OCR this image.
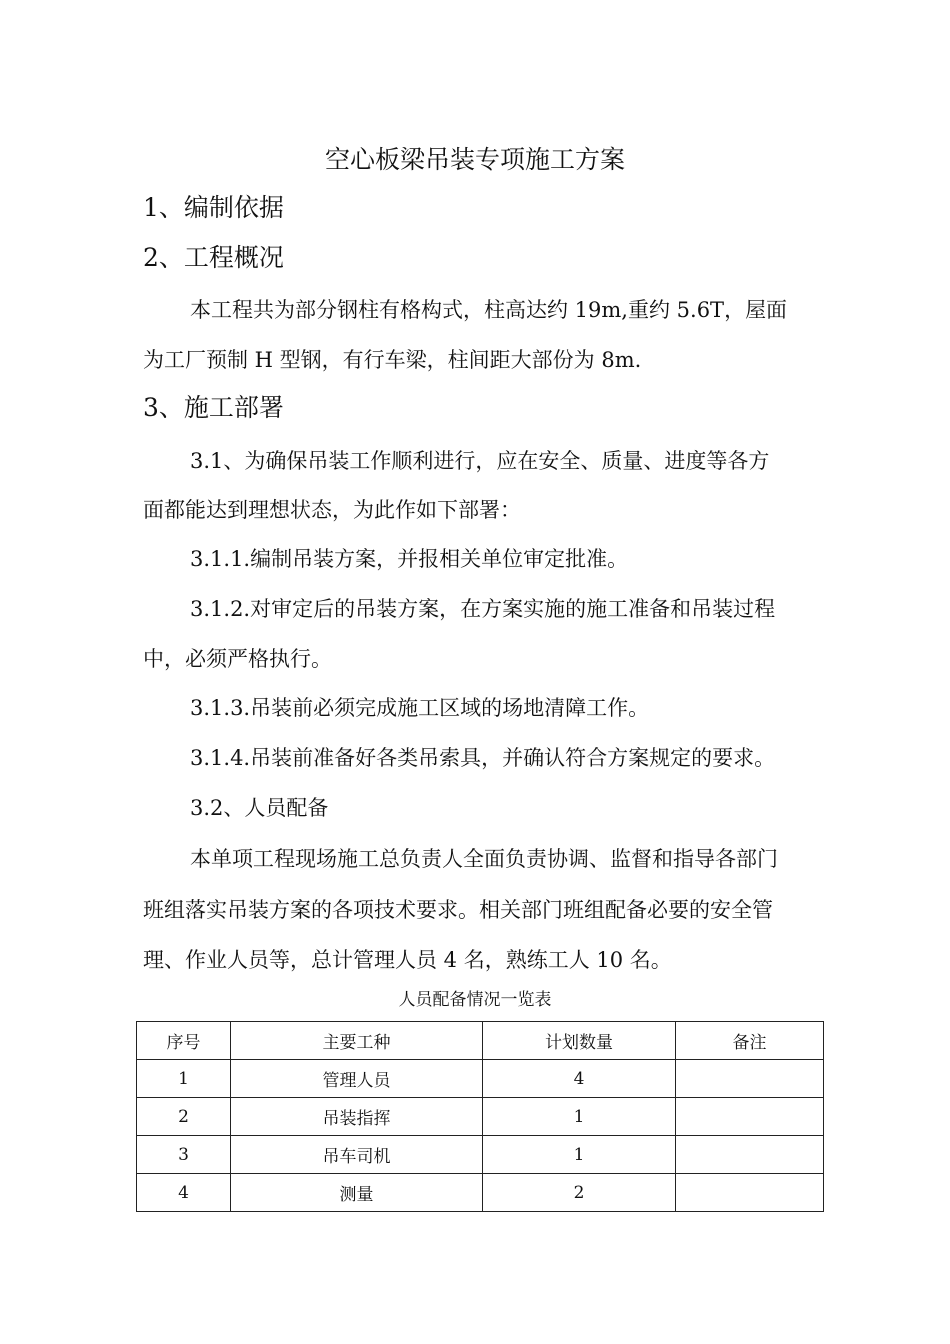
空心板梁吊装专项施工方案
1、编制依据
2、工程概况
本工程共为部分钢柱有格构式，柱高达约 19m,重约 5.6T，屋面
为工厂预制 H 型钢，有行车梁，柱间距大部份为 8m.
3、施工部署
3.1、为确保吊装工作顺利进行，应在安全、质量、进度等各方
面都能达到理想状态，为此作如下部署：
3.1.1.编制吊装方案，并报相关单位审定批准。
3.1.2.对审定后的吊装方案，在方案实施的施工准备和吊装过程
中，必须严格执行。
3.1.3.吊装前必须完成施工区域的场地清障工作。
3.1.4.吊装前准备好各类吊索具，并确认符合方案规定的要求。
3.2、人员配备
本单项工程现场施工总负责人全面负责协调、监督和指导各部门
班组落实吊装方案的各项技术要求。相关部门班组配备必要的安全管
理、作业人员等，总计管理人员 4 名，熟练工人 10 名。
人员配备情况一览表
序号	主要工种	计划数量	备注
1	管理人员	4	
2	吊装指挥	1	
3	吊车司机	1	
4	测量	2	
